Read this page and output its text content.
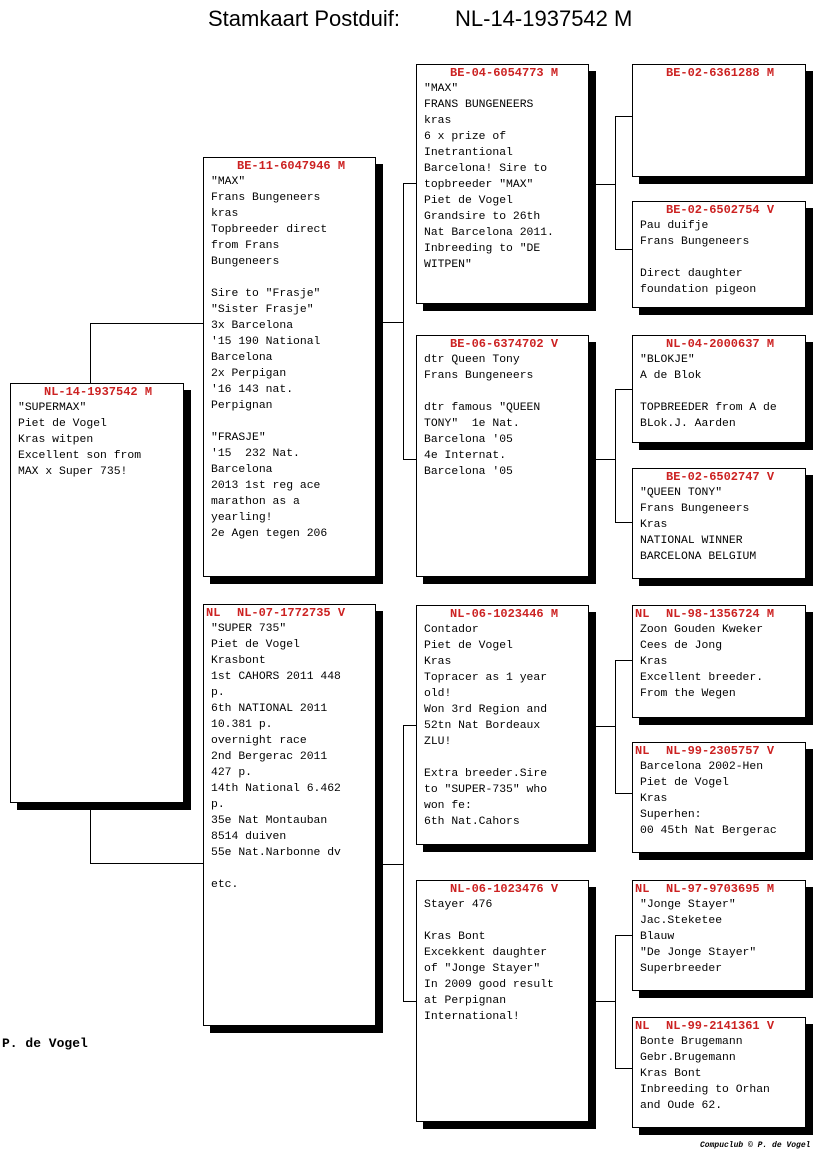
Stamkaart Postduif:

	NL-14-1937542 M

NL-14-1937542 M
"SUPERMAX"
Piet de Vogel
Kras witpen
Excellent son from
MAX x Super 735!
BE-11-6047946 M
"MAX"
Frans Bungeneers
kras
Topbreeder direct
from Frans
Bungeneers

Sire to "Frasje"
"Sister Frasje"
3x Barcelona
'15 190 National
Barcelona
2x Perpigan
'16 143 nat.
Perpignan

"FRASJE"
'15  232 Nat.
Barcelona
2013 1st reg ace
marathon as a
yearling!
2e Agen tegen 206
NL NL-07-1772735 V
"SUPER 735"
Piet de Vogel
Krasbont
1st CAHORS 2011 448
p.
6th NATIONAL 2011
10.381 p.
overnight race
2nd Bergerac 2011
427 p.
14th National 6.462
p.
35e Nat Montauban
8514 duiven
55e Nat.Narbonne dv

etc.
BE-04-6054773 M
"MAX"
FRANS BUNGENEERS
kras
6 x prize of
Inetrantional
Barcelona! Sire to
topbreeder "MAX"
Piet de Vogel
Grandsire to 26th
Nat Barcelona 2011.
Inbreeding to "DE
WITPEN"
BE-06-6374702 V
dtr Queen Tony
Frans Bungeneers

dtr famous "QUEEN
TONY"  1e Nat.
Barcelona '05
4e Internat.
Barcelona '05
NL-06-1023446 M
Contador
Piet de Vogel
Kras
Topracer as 1 year
old!
Won 3rd Region and
52tn Nat Bordeaux
ZLU!

Extra breeder.Sire
to "SUPER-735" who
won fe:
6th Nat.Cahors
NL-06-1023476 V
Stayer 476

Kras Bont
Excekkent daughter
of "Jonge Stayer"
In 2009 good result
at Perpignan
International!
BE-02-6361288 M
BE-02-6502754 V
Pau duifje
Frans Bungeneers

Direct daughter
foundation pigeon
NL-04-2000637 M
"BLOKJE"
A de Blok

TOPBREEDER from A de
BLok.J. Aarden
BE-02-6502747 V
"QUEEN TONY"
Frans Bungeneers
Kras
NATIONAL WINNER
BARCELONA BELGIUM
NL NL-98-1356724 M
Zoon Gouden Kweker
Cees de Jong
Kras
Excellent breeder.
From the Wegen
NL NL-99-2305757 V
Barcelona 2002-Hen
Piet de Vogel
Kras
Superhen:
00 45th Nat Bergerac
NL NL-97-9703695 M
"Jonge Stayer"
Jac.Steketee
Blauw
"De Jonge Stayer"
Superbreeder
NL NL-99-2141361 V
Bonte Brugemann
Gebr.Brugemann
Kras Bont
Inbreeding to Orhan
and Oude 62.
P. de Vogel
Compuclub © P. de Vogel
